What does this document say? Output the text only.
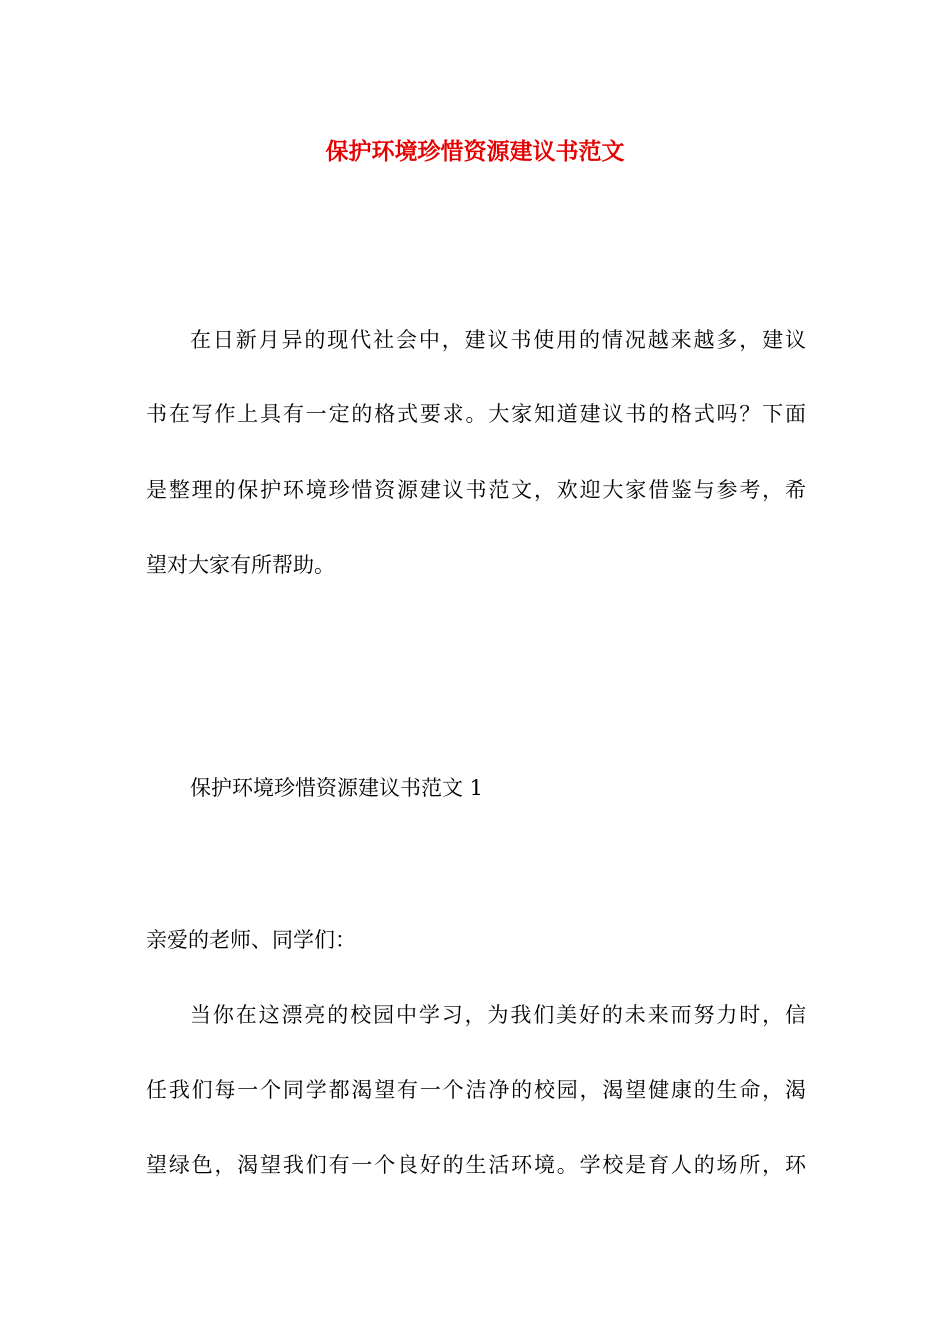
保护环境珍惜资源建议书范文
在日新月异的现代社会中，建议书使用的情况越来越多，建议
书在写作上具有一定的格式要求。大家知道建议书的格式吗？下面
是整理的保护环境珍惜资源建议书范文，欢迎大家借鉴与参考，希
望对大家有所帮助。
保护环境珍惜资源建议书范文 1
亲爱的老师、同学们：
当你在这漂亮的校园中学习，为我们美好的未来而努力时，信
任我们每一个同学都渴望有一个洁净的校园，渴望健康的生命，渴
望绿色，渴望我们有一个良好的生活环境。学校是育人的场所，环
